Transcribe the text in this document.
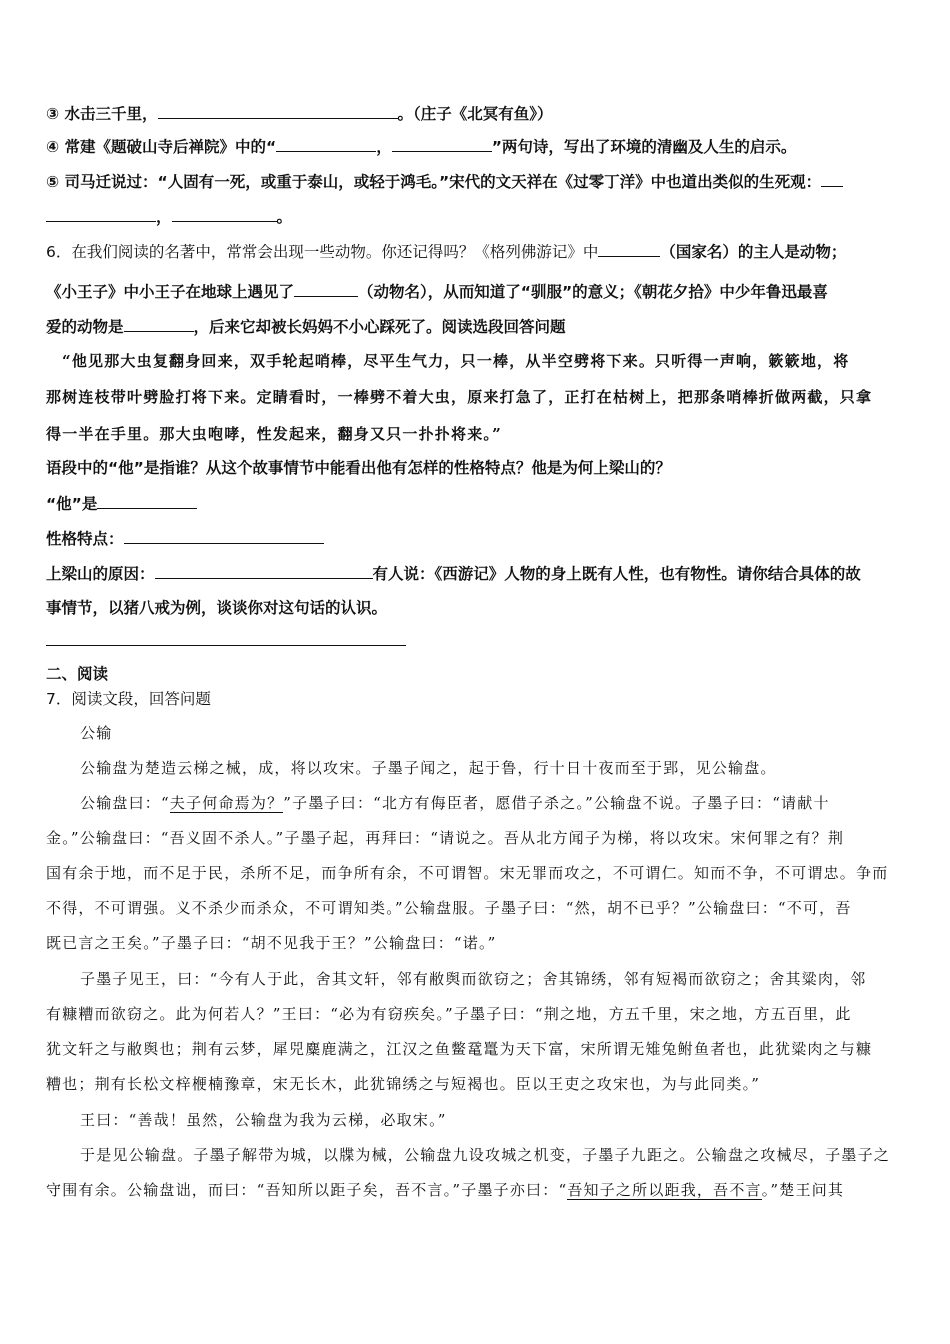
③ 水击三千里，	。（庄子《北冥有鱼》）
④ 常建《题破山寺后禅院》中的“	，	”两句诗，写出了环境的清幽及人生的启示。
⑤ 司马迁说过：“人固有一死，或重于泰山，或轻于鸿毛。”宋代的文天祥在《过零丁洋》中也道出类似的生死观：
，	。
6．在我们阅读的名著中，常常会出现一些动物。你还记得吗？《格列佛游记》中	（国家名）的主人是动物；
《小王子》中小王子在地球上遇见了	（动物名），从而知道了“驯服”的意义；《朝花夕拾》中少年鲁迅最喜
爱的动物是	，后来它却被长妈妈不小心踩死了。阅读选段回答问题
“他见那大虫复翻身回来，双手轮起哨棒，尽平生气力，只一棒，从半空劈将下来。只听得一声响，簌簌地，将
那树连枝带叶劈脸打将下来。定睛看时，一棒劈不着大虫，原来打急了，正打在枯树上，把那条哨棒折做两截，只拿
得一半在手里。那大虫咆哮，性发起来，翻身又只一扑扑将来。”
语段中的“他”是指谁？从这个故事情节中能看出他有怎样的性格特点？他是为何上梁山的？
“他”是
性格特点：
上梁山的原因：	有人说：《西游记》人物的身上既有人性，也有物性。请你结合具体的故
事情节，以猪八戒为例，谈谈你对这句话的认识。
二、阅读
7．阅读文段，回答问题
公输
公输盘为楚造云梯之械，成，将以攻宋。子墨子闻之，起于鲁，行十日十夜而至于郢，见公输盘。
公输盘曰：“夫子何命焉为？”子墨子曰：“北方有侮臣者，愿借子杀之。”公输盘不说。子墨子曰：“请献十
金。”公输盘曰：“吾义固不杀人。”子墨子起，再拜曰：“请说之。吾从北方闻子为梯，将以攻宋。宋何罪之有？荆
国有余于地，而不足于民，杀所不足，而争所有余，不可谓智。宋无罪而攻之，不可谓仁。知而不争，不可谓忠。争而
不得，不可谓强。义不杀少而杀众，不可谓知类。”公输盘服。子墨子曰：“然，胡不已乎？”公输盘曰：“不可，吾
既已言之王矣。”子墨子曰：“胡不见我于王？”公输盘曰：“诺。”
子墨子见王，曰：“今有人于此，舍其文轩，邻有敝舆而欲窃之；舍其锦绣，邻有短褐而欲窃之；舍其粱肉，邻
有糠糟而欲窃之。此为何若人？”王曰：“必为有窃疾矣。”子墨子曰：“荆之地，方五千里，宋之地，方五百里，此
犹文轩之与敝舆也；荆有云梦，犀兕麋鹿满之，江汉之鱼鳖鼋鼍为天下富，宋所谓无雉兔鲋鱼者也，此犹粱肉之与糠
糟也；荆有长松文梓楩楠豫章，宋无长木，此犹锦绣之与短褐也。臣以王吏之攻宋也，为与此同类。”
王曰：“善哉！虽然，公输盘为我为云梯，必取宋。”
于是见公输盘。子墨子解带为城，以牒为械，公输盘九设攻城之机变，子墨子九距之。公输盘之攻械尽，子墨子之
守围有余。公输盘诎，而曰：“吾知所以距子矣，吾不言。”子墨子亦曰：“吾知子之所以距我，吾不言。”楚王问其
